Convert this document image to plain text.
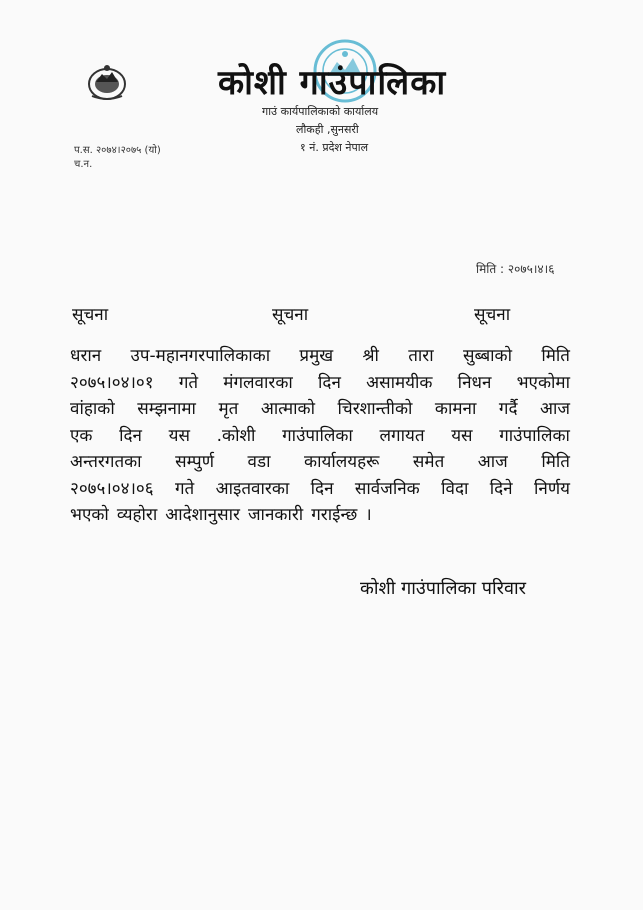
कोशी गाउंपालिका
गाउं कार्यपालिकाको कार्यालय
लौकही ,सुनसरी
१ नं. प्रदेश नेपाल
प.स. २०७४।२०७५ (यो)
च.न.
मिति : २०७५।४।६
सूचना	सूचना	सूचना
धरान उप-महानगरपालिकाका प्रमुख श्री तारा सुब्बाको मिति
२०७५।०४।०१ गते मंगलवारका दिन असामयीक निधन भएकोमा
वांहाको सम्झनामा मृत आत्माको चिरशान्तीको कामना गर्दै आज
एक दिन यस .कोशी गाउंपालिका लगायत यस गाउंपालिका
अन्तरगतका सम्पुर्ण वडा कार्यालयहरू समेत आज मिति
२०७५।०४।०६ गते आइतवारका दिन सार्वजनिक विदा दिने निर्णय
भएको व्यहोरा आदेशानुसार जानकारी गराईन्छ ।
कोशी गाउंपालिका परिवार
